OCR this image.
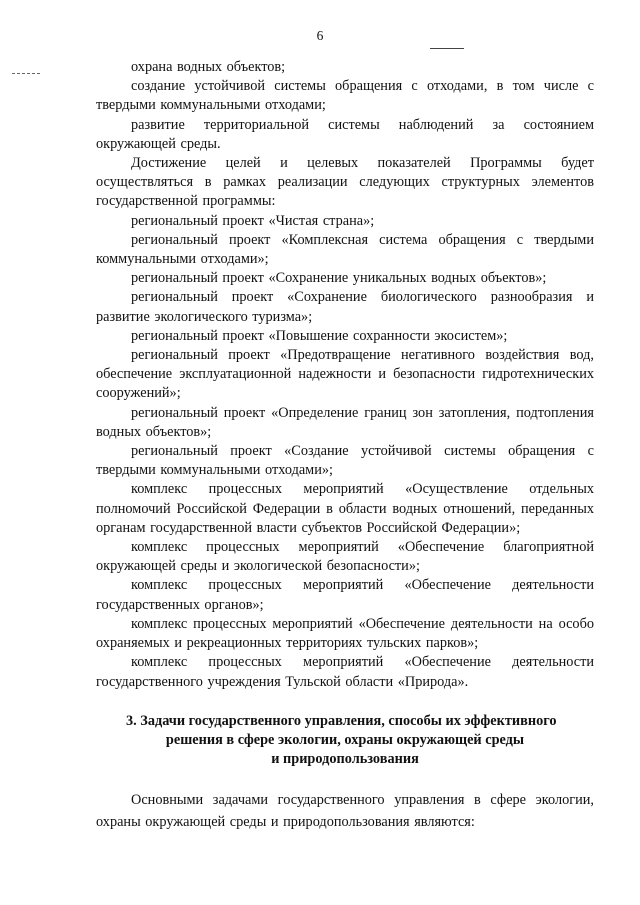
6

охрана водных объектов;

создание устойчивой системы обращения с отходами, в том числе с твердыми коммунальными отходами;

развитие территориальной системы наблюдений за состоянием окружающей среды.

Достижение целей и целевых показателей Программы будет осуществляться в рамках реализации следующих структурных элементов государственной программы:

региональный проект «Чистая страна»;

региональный проект «Комплексная система обращения с твердыми коммунальными отходами»;

региональный проект «Сохранение уникальных водных объектов»;

региональный проект «Сохранение биологического разнообразия и развитие экологического туризма»;

региональный проект «Повышение сохранности экосистем»;

региональный проект «Предотвращение негативного воздействия вод, обеспечение эксплуатационной надежности и безопасности гидротехнических сооружений»;

региональный проект «Определение границ зон затопления, подтопления водных объектов»;

региональный проект «Создание устойчивой системы обращения с твердыми коммунальными отходами»;

комплекс процессных мероприятий «Осуществление отдельных полномочий Российской Федерации в области водных отношений, переданных органам государственной власти субъектов Российской Федерации»;

комплекс процессных мероприятий «Обеспечение благоприятной окружающей среды и экологической безопасности»;

комплекс процессных мероприятий «Обеспечение деятельности государственных органов»;

комплекс процессных мероприятий «Обеспечение деятельности на особо охраняемых и рекреационных территориях тульских парков»;

комплекс процессных мероприятий «Обеспечение деятельности государственного учреждения Тульской области «Природа».

3. Задачи государственного управления, способы их эффективного
решения в сфере экологии, охраны окружающей среды
и природопользования

Основными задачами государственного управления в сфере экологии, охраны окружающей среды и природопользования являются:
